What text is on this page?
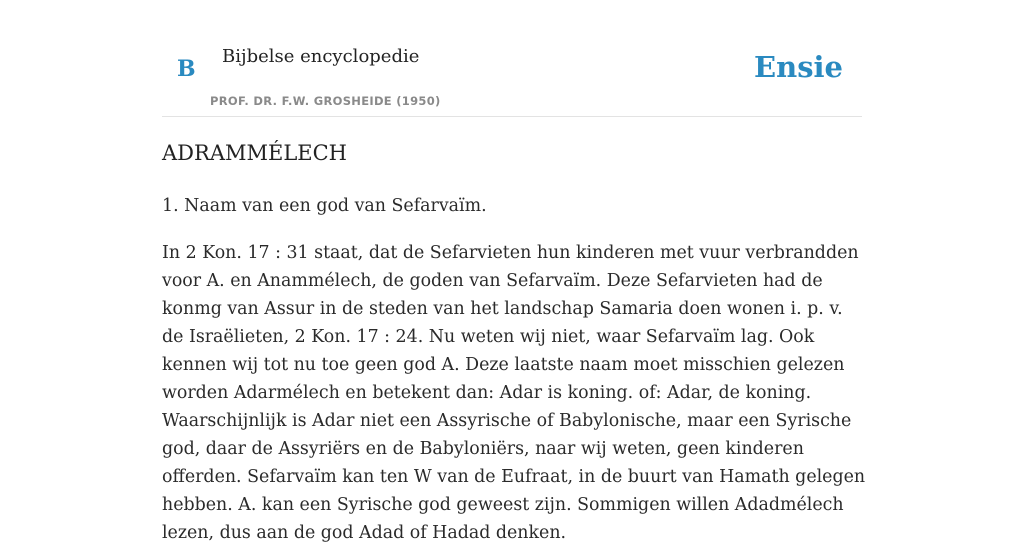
B Bijbelse encyclopedie
PROF. DR. F.W. GROSHEIDE (1950)
Ensie
ADRAMMÉLECH

1. Naam van een god van Sefarvaïm.

In 2 Kon. 17 : 31 staat, dat de Sefarvieten hun kinderen met vuur verbrandden voor A. en Anammélech, de goden van Sefarvaïm. Deze Sefarvieten had de konmg van Assur in de steden van het landschap Samaria doen wonen i. p. v. de Israëlieten, 2 Kon. 17 : 24. Nu weten wij niet, waar Sefarvaïm lag. Ook kennen wij tot nu toe geen god A. Deze laatste naam moet misschien gelezen worden Adarmélech en betekent dan: Adar is koning. of: Adar, de koning. Waarschijnlijk is Adar niet een Assyrische of Babylonische, maar een Syrische god, daar de Assyriërs en de Babyloniërs, naar wij weten, geen kinderen offerden. Sefarvaïm kan ten W van de Eufraat, in de buurt van Hamath gelegen hebben. A. kan een Syrische god geweest zijn. Sommigen willen Adadmélech lezen, dus aan de god Adad of Hadad denken.
